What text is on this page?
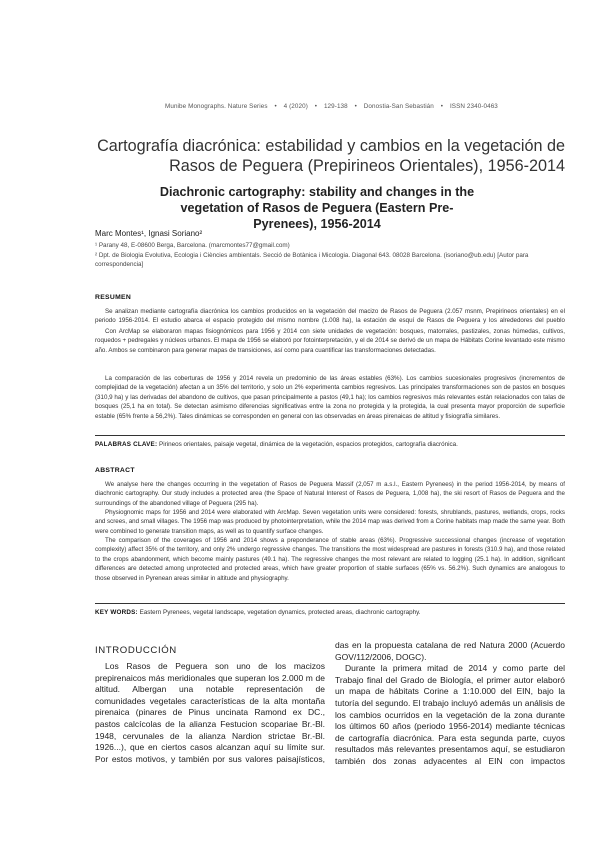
Munibe Monographs. Nature Series • 4 (2020) • 129-138 • Donostia-San Sebastián • ISSN 2340-0463
Cartografía diacrónica: estabilidad y cambios en la vegetación de Rasos de Peguera (Prepirineos Orientales), 1956-2014
Diachronic cartography: stability and changes in the vegetation of Rasos de Peguera (Eastern Pre-Pyrenees), 1956-2014
Marc Montes¹, Ignasi Soriano²
¹ Parany 48, E-08600 Berga, Barcelona. (marcmontes77@gmail.com)
² Dpt. de Biologia Evolutiva, Ecologia i Ciències ambientals. Secció de Botànica i Micologia. Diagonal 643. 08028 Barcelona. (isoriano@ub.edu) [Autor para correspondencia]
RESUMEN

Se analizan mediante cartografía diacrónica los cambios producidos en la vegetación del macizo de Rasos de Peguera (2.057 msnm, Prepirineos orientales) en el periodo 1956-2014. El estudio abarca el espacio protegido del mismo nombre (1.008 ha), la estación de esquí de Rasos de Peguera y los alrededores del pueblo

Con ArcMap se elaboraron mapas fisiognómicos para 1956 y 2014 con siete unidades de vegetación: bosques, matorrales, pastizales, zonas húmedas, cultivos, roquedos + pedregales y núcleos urbanos. El mapa de 1956 se elaboró por fotointerpretación, y el de 2014 se derivó de un mapa de Hábitats Corine levantado este mismo año. Ambos se combinaron para generar mapas de transiciones, así como para cuantificar las transformaciones detectadas.

La comparación de las coberturas de 1956 y 2014 revela un predominio de las áreas estables (63%). Los cambios sucesionales progresivos (incrementos de complejidad de la vegetación) afectan a un 35% del territorio, y solo un 2% experimenta cambios regresivos. Las principales transformaciones son de pastos en bosques (310,9 ha) y las derivadas del abandono de cultivos, que pasan principalmente a pastos (49,1 ha); los cambios regresivos más relevantes están relacionados con talas de bosques (25,1 ha en total). Se detectan asimismo diferencias significativas entre la zona no protegida y la protegida, la cual presenta mayor proporción de superficie estable (65% frente a 56,2%). Tales dinámicas se corresponden en general con las observadas en áreas pirenaicas de altitud y fisiografía similares.

PALABRAS CLAVE: Pirineos orientales, paisaje vegetal, dinámica de la vegetación, espacios protegidos, cartografía diacrónica.
ABSTRACT

We analyse here the changes occurring in the vegetation of Rasos de Peguera Massif (2,057 m a.s.l., Eastern Pyrenees) in the period 1956-2014, by means of diachronic cartography. Our study includes a protected area (the Space of Natural Interest of Rasos de Peguera, 1,008 ha), the ski resort of Rasos de Peguera and the surroundings of the abandoned village of Peguera (295 ha).

Physiognomic maps for 1956 and 2014 were elaborated with ArcMap. Seven vegetation units were considered: forests, shrublands, pastures, wetlands, crops, rocks and screes, and small villages. The 1956 map was produced by photointerpretation, while the 2014 map was derived from a Corine habitats map made the same year. Both were combined to generate transition maps, as well as to quantify surface changes.

The comparison of the coverages of 1956 and 2014 shows a preponderance of stable areas (63%). Progressive successional changes (increase of vegetation complexity) affect 35% of the territory, and only 2% undergo regressive changes. The transitions the most widespread are pastures in forests (310.9 ha), and those related to the crops abandonment, which become mainly pastures (49.1 ha). The regressive changes the most relevant are related to logging (25.1 ha). In addition, significant differences are detected among unprotected and protected areas, which have greater proportion of stable surfaces (65% vs. 56.2%). Such dynamics are analogous to those observed in Pyrenean areas similar in altitude and physiography.

KEY WORDS: Eastern Pyrenees, vegetal landscape, vegetation dynamics, protected areas, diachronic cartography.
INTRODUCCIÓN

Los Rasos de Peguera son uno de los macizos prepirenaicos más meridionales que superan los 2.000 m de altitud. Albergan una notable representación de comunidades vegetales características de la alta montaña pirenaica (pinares de Pinus uncinata Ramond ex DC., pastos calcícolas de la alianza Festucion scopariae Br.-Bl. 1948, cervunales de la alianza Nardion strictae Br.-Bl. 1926...), que en ciertos casos alcanzan aquí su límite sur. Por estos motivos, y también por sus valores paisajísticos,

das en la propuesta catalana de red Natura 2000 (Acuerdo GOV/112/2006, DOGC).

Durante la primera mitad de 2014 y como parte del Trabajo final del Grado de Biología, el primer autor elaboró un mapa de hábitats Corine a 1:10.000 del EIN, bajo la tutoría del segundo. El trabajo incluyó además un análisis de los cambios ocurridos en la vegetación de la zona durante los últimos 60 años (periodo 1956-2014) mediante técnicas de cartografía diacrónica. Para esta segunda parte, cuyos resultados más relevantes presentamos aquí, se estudiaron también dos zonas adyacentes al EIN con impactos
